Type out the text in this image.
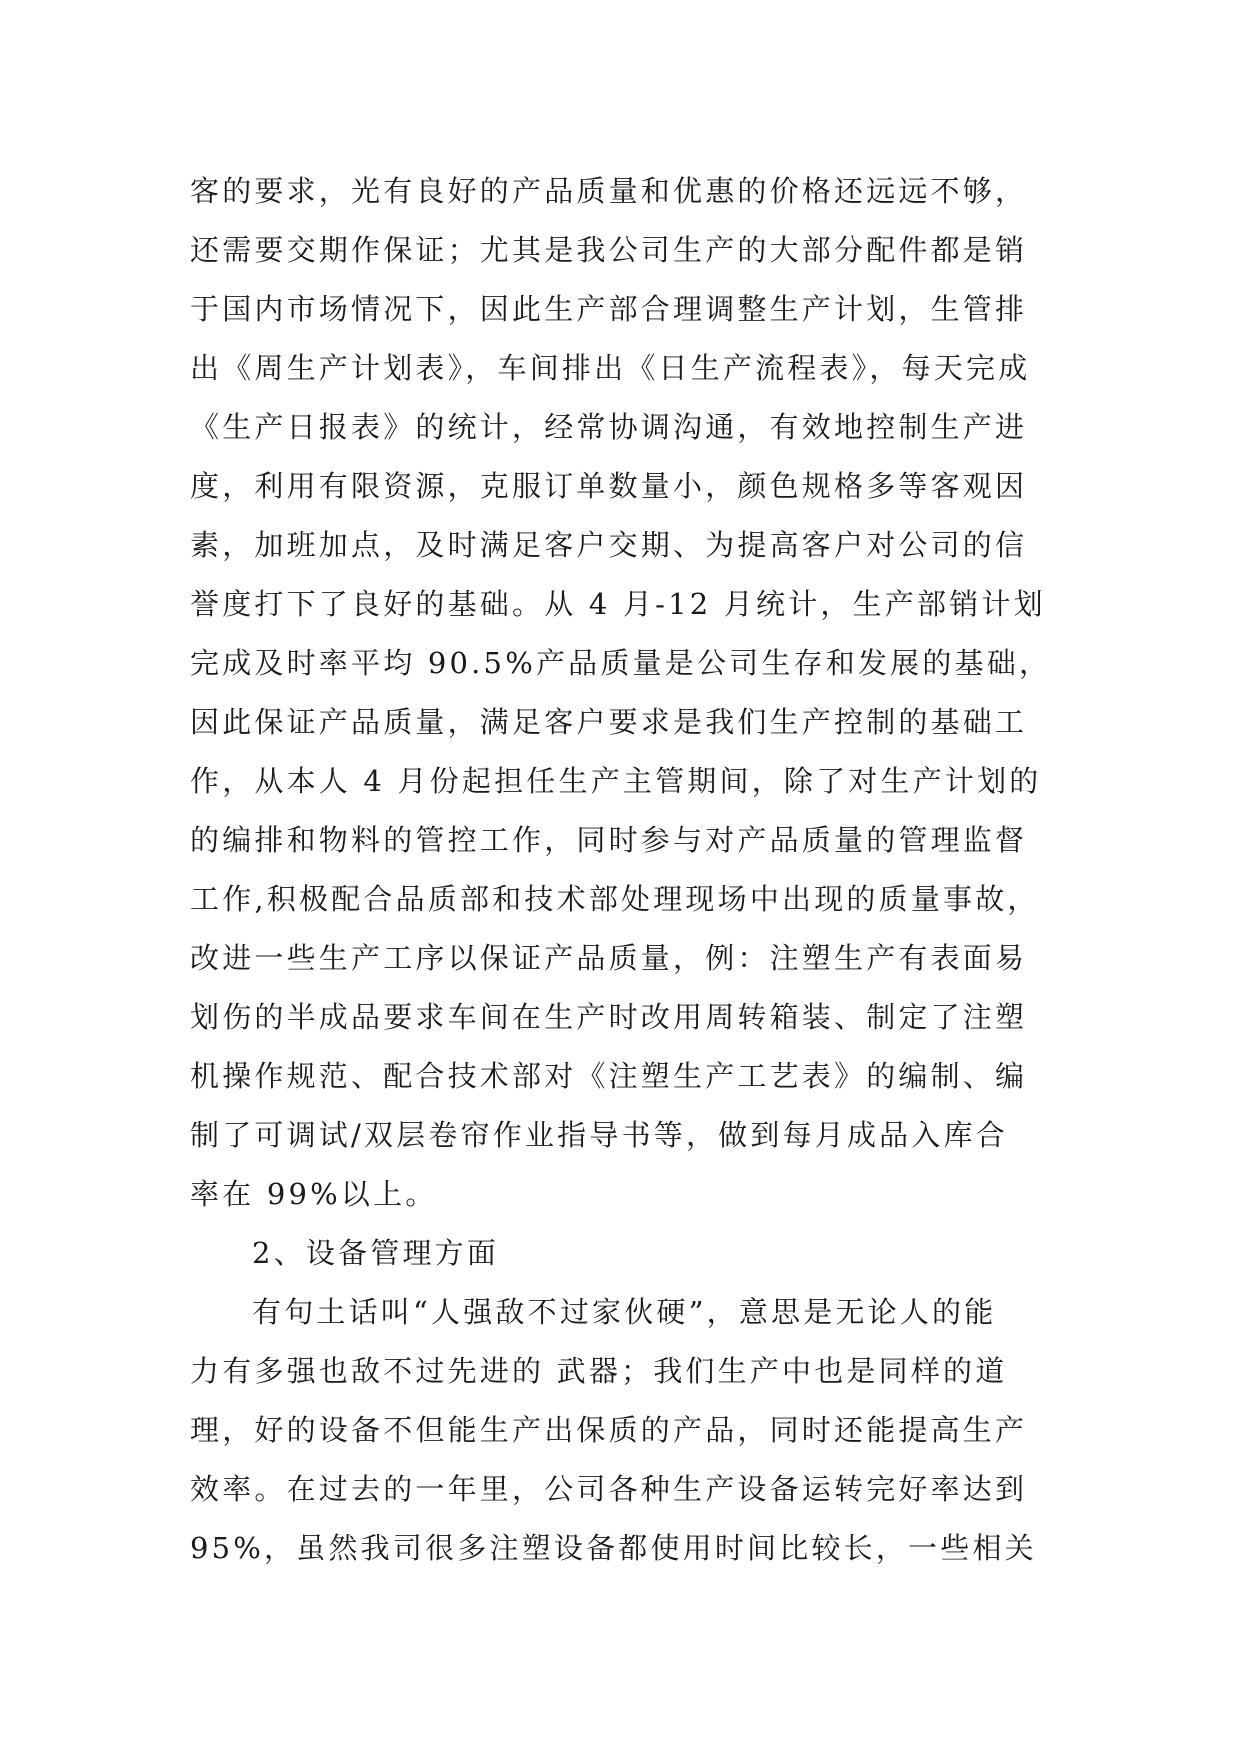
客的要求，光有良好的产品质量和优惠的价格还远远不够，
还需要交期作保证；尤其是我公司生产的大部分配件都是销
于国内市场情况下，因此生产部合理调整生产计划，生管排
出《周生产计划表》，车间排出《日生产流程表》，每天完成
《生产日报表》的统计，经常协调沟通，有效地控制生产进
度，利用有限资源，克服订单数量小，颜色规格多等客观因
素，加班加点，及时满足客户交期、为提高客户对公司的信
誉度打下了良好的基础。从 4 月-12 月统计，生产部销计划
完成及时率平均 90.5%产品质量是公司生存和发展的基础，
因此保证产品质量，满足客户要求是我们生产控制的基础工
作，从本人 4 月份起担任生产主管期间，除了对生产计划的
的编排和物料的管控工作，同时参与对产品质量的管理监督
工作,积极配合品质部和技术部处理现场中出现的质量事故，
改进一些生产工序以保证产品质量，例：注塑生产有表面易
划伤的半成品要求车间在生产时改用周转箱装、制定了注塑
机操作规范、配合技术部对《注塑生产工艺表》的编制、编
制了可调试/双层卷帘作业指导书等，做到每月成品入库合
率在 99%以上。
2、设备管理方面
有句土话叫“人强敌不过家伙硬”，意思是无论人的能
力有多强也敌不过先进的 武器；我们生产中也是同样的道
理，好的设备不但能生产出保质的产品，同时还能提高生产
效率。在过去的一年里，公司各种生产设备运转完好率达到
95%，虽然我司很多注塑设备都使用时间比较长，一些相关
